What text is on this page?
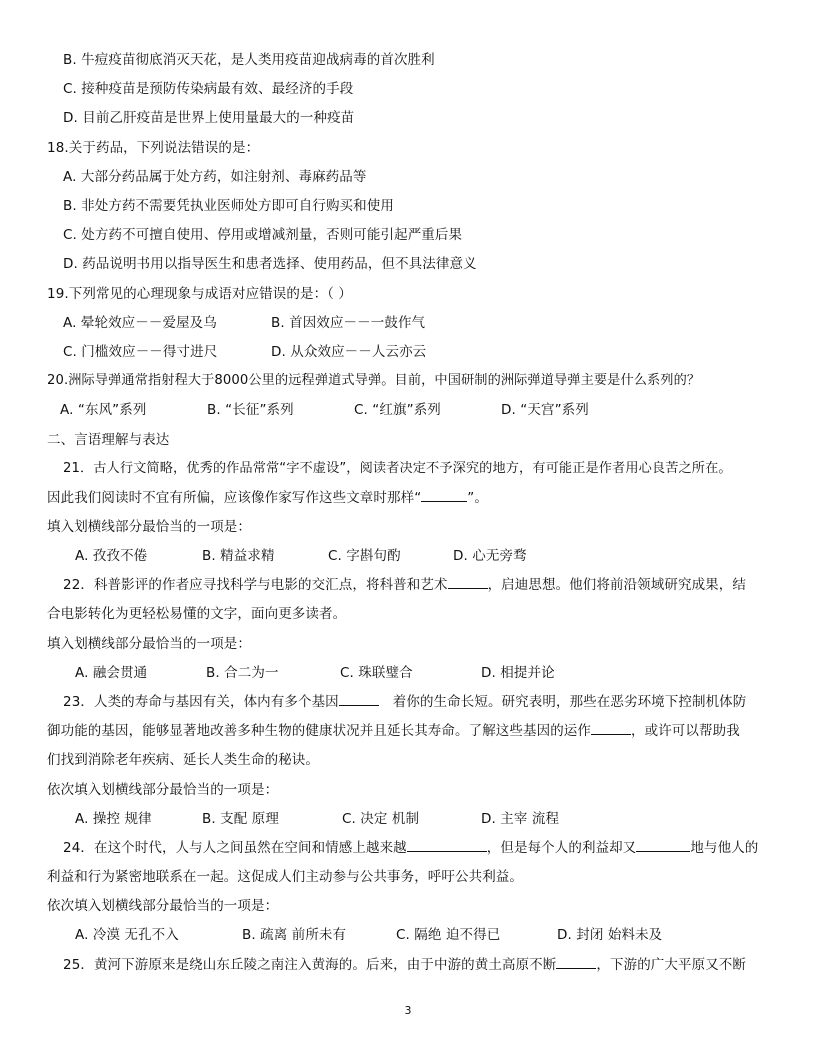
B. 牛痘疫苗彻底消灭天花，是人类用疫苗迎战病毒的首次胜利
C. 接种疫苗是预防传染病最有效、最经济的手段
D. 目前乙肝疫苗是世界上使用量最大的一种疫苗
18.关于药品，下列说法错误的是：
A. 大部分药品属于处方药，如注射剂、毒麻药品等
B. 非处方药不需要凭执业医师处方即可自行购买和使用
C. 处方药不可擅自使用、停用或增减剂量，否则可能引起严重后果
D. 药品说明书用以指导医生和患者选择、使用药品，但不具法律意义
19.下列常见的心理现象与成语对应错误的是：（ ）
A. 晕轮效应－－爱屋及乌	B. 首因效应－－一鼓作气
C. 门槛效应－－得寸进尺	D. 从众效应－－人云亦云
20.洲际导弹通常指射程大于8000公里的远程弹道式导弹。目前，中国研制的洲际弹道导弹主要是什么系列的？
A. “东风”系列	B. “长征”系列	C. “红旗”系列	D. “天宫”系列
二、言语理解与表达
21．古人行文简略，优秀的作品常常“字不虚设”，阅读者决定不予深究的地方，有可能正是作者用心良苦之所在。
因此我们阅读时不宜有所偏，应该像作家写作这些文章时那样“	”。
填入划横线部分最恰当的一项是：
A. 孜孜不倦	B. 精益求精	C. 字斟句酌	D. 心无旁骛
22．科普影评的作者应寻找科学与电影的交汇点，将科普和艺术	，启迪思想。他们将前沿领域研究成果，结
合电影转化为更轻松易懂的文字，面向更多读者。
填入划横线部分最恰当的一项是：
A. 融会贯通	B. 合二为一	C. 珠联璧合	D. 相提并论
23．人类的寿命与基因有关，体内有多个基因	着你的生命长短。研究表明，那些在恶劣环境下控制机体防
御功能的基因，能够显著地改善多种生物的健康状况并且延长其寿命。了解这些基因的运作	，或许可以帮助我
们找到消除老年疾病、延长人类生命的秘诀。
依次填入划横线部分最恰当的一项是：
A. 操控 规律	B. 支配 原理	C. 决定 机制	D. 主宰 流程
24．在这个时代，人与人之间虽然在空间和情感上越来越	，但是每个人的利益却又	地与他人的
利益和行为紧密地联系在一起。这促成人们主动参与公共事务，呼吁公共利益。
依次填入划横线部分最恰当的一项是：
A. 冷漠 无孔不入	B. 疏离 前所未有	C. 隔绝 迫不得已	D. 封闭 始料未及
25．黄河下游原来是绕山东丘陵之南注入黄海的。后来，由于中游的黄土高原不断	，下游的广大平原又不断
3
